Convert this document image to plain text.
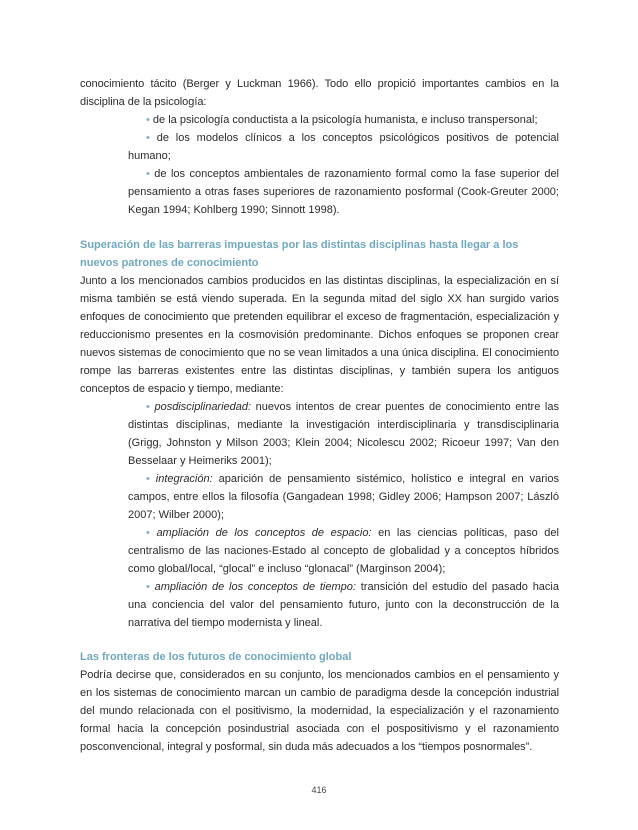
conocimiento tácito (Berger y Luckman 1966). Todo ello propició importantes cambios en la disciplina de la psicología:

• de la psicología conductista a la psicología humanista, e incluso transpersonal;

• de los modelos clínicos a los conceptos psicológicos positivos de potencial humano;

• de los conceptos ambientales de razonamiento formal como la fase superior del pensamiento a otras fases superiores de razonamiento posformal (Cook-Greuter 2000; Kegan 1994; Kohlberg 1990; Sinnott 1998).

Superación de las barreras impuestas por las distintas disciplinas hasta llegar a los nuevos patrones de conocimiento

Junto a los mencionados cambios producidos en las distintas disciplinas, la especialización en sí misma también se está viendo superada. En la segunda mitad del siglo XX han surgido varios enfoques de conocimiento que pretenden equilibrar el exceso de fragmentación, especialización y reduccionismo presentes en la cosmovisión predominante. Dichos enfoques se proponen crear nuevos sistemas de conocimiento que no se vean limitados a una única disciplina. El conocimiento rompe las barreras existentes entre las distintas disciplinas, y también supera los antiguos conceptos de espacio y tiempo, mediante:

• posdisciplinariedad: nuevos intentos de crear puentes de conocimiento entre las distintas disciplinas, mediante la investigación interdisciplinaria y transdisciplinaria (Grigg, Johnston y Milson 2003; Klein 2004; Nicolescu 2002; Ricoeur 1997; Van den Besselaar y Heimeriks 2001);

• integración: aparición de pensamiento sistémico, holístico e integral en varios campos, entre ellos la filosofía (Gangadean 1998; Gidley 2006; Hampson 2007; László 2007; Wilber 2000);

• ampliación de los conceptos de espacio: en las ciencias políticas, paso del centralismo de las naciones-Estado al concepto de globalidad y a conceptos híbridos como global/local, “glocal” e incluso “glonacal” (Marginson 2004);

• ampliación de los conceptos de tiempo: transición del estudio del pasado hacia una conciencia del valor del pensamiento futuro, junto con la deconstrucción de la narrativa del tiempo modernista y lineal.

Las fronteras de los futuros de conocimiento global

Podría decirse que, considerados en su conjunto, los mencionados cambios en el pensamiento y en los sistemas de conocimiento marcan un cambio de paradigma desde la concepción industrial del mundo relacionada con el positivismo, la modernidad, la especialización y el razonamiento formal hacia la concepción posindustrial asociada con el pospositivismo y el razonamiento posconvencional, integral y posformal, sin duda más adecuados a los “tiempos posnormales”.

416
